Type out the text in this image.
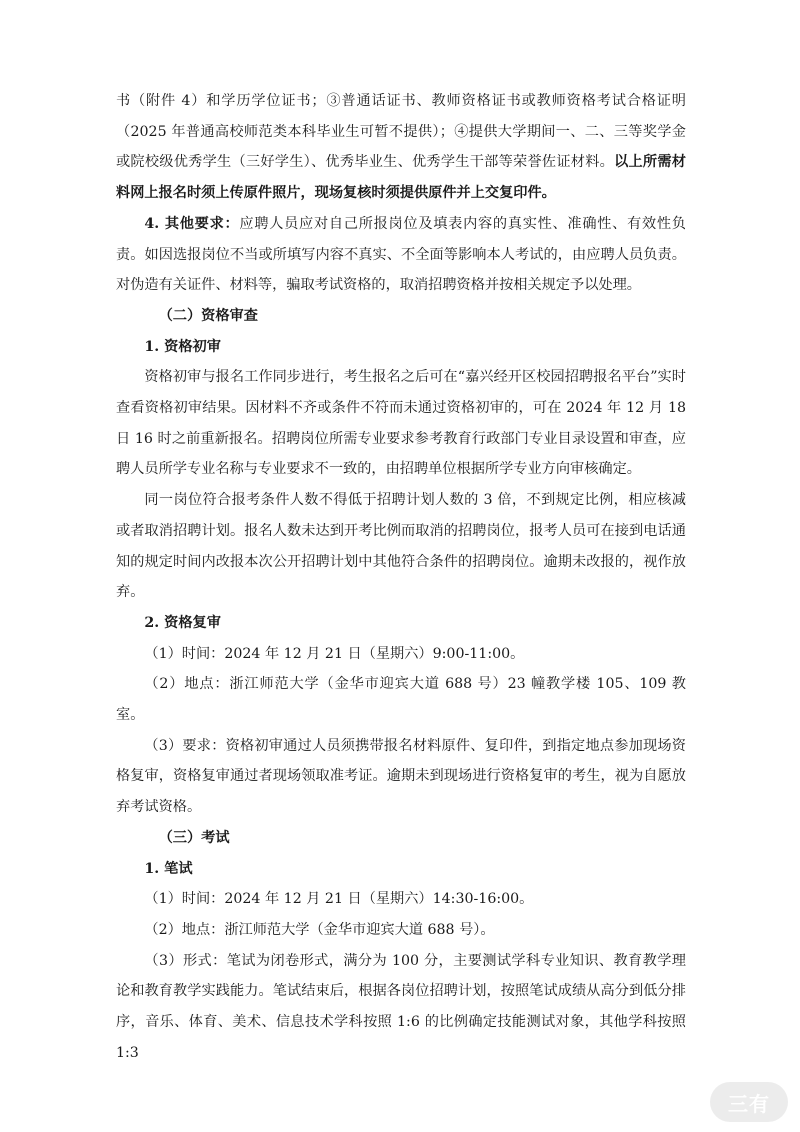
书（附件 4）和学历学位证书；③普通话证书、教师资格证书或教师资格考试合格证明（2025 年普通高校师范类本科毕业生可暂不提供）；④提供大学期间一、二、三等奖学金或院校级优秀学生（三好学生）、优秀毕业生、优秀学生干部等荣誉佐证材料。以上所需材料网上报名时须上传原件照片，现场复核时须提供原件并上交复印件。

4. 其他要求：应聘人员应对自己所报岗位及填表内容的真实性、准确性、有效性负责。如因选报岗位不当或所填写内容不真实、不全面等影响本人考试的，由应聘人员负责。对伪造有关证件、材料等，骗取考试资格的，取消招聘资格并按相关规定予以处理。

（二）资格审查

1. 资格初审

资格初审与报名工作同步进行，考生报名之后可在“嘉兴经开区校园招聘报名平台”实时查看资格初审结果。因材料不齐或条件不符而未通过资格初审的，可在 2024 年 12 月 18 日 16 时之前重新报名。招聘岗位所需专业要求参考教育行政部门专业目录设置和审查，应聘人员所学专业名称与专业要求不一致的，由招聘单位根据所学专业方向审核确定。

同一岗位符合报考条件人数不得低于招聘计划人数的 3 倍，不到规定比例，相应核减或者取消招聘计划。报名人数未达到开考比例而取消的招聘岗位，报考人员可在接到电话通知的规定时间内改报本次公开招聘计划中其他符合条件的招聘岗位。逾期未改报的，视作放弃。

2. 资格复审

（1）时间：2024 年 12 月 21 日（星期六）9:00-11:00。

（2）地点：浙江师范大学（金华市迎宾大道 688 号）23 幢教学楼 105、109 教室。

（3）要求：资格初审通过人员须携带报名材料原件、复印件，到指定地点参加现场资格复审，资格复审通过者现场领取准考证。逾期未到现场进行资格复审的考生，视为自愿放弃考试资格。

（三）考试

1. 笔试

（1）时间：2024 年 12 月 21 日（星期六）14:30-16:00。

（2）地点：浙江师范大学（金华市迎宾大道 688 号）。

（3）形式：笔试为闭卷形式，满分为 100 分，主要测试学科专业知识、教育教学理论和教育教学实践能力。笔试结束后，根据各岗位招聘计划，按照笔试成绩从高分到低分排序，音乐、体育、美术、信息技术学科按照 1:6 的比例确定技能测试对象，其他学科按照 1:3

三有
